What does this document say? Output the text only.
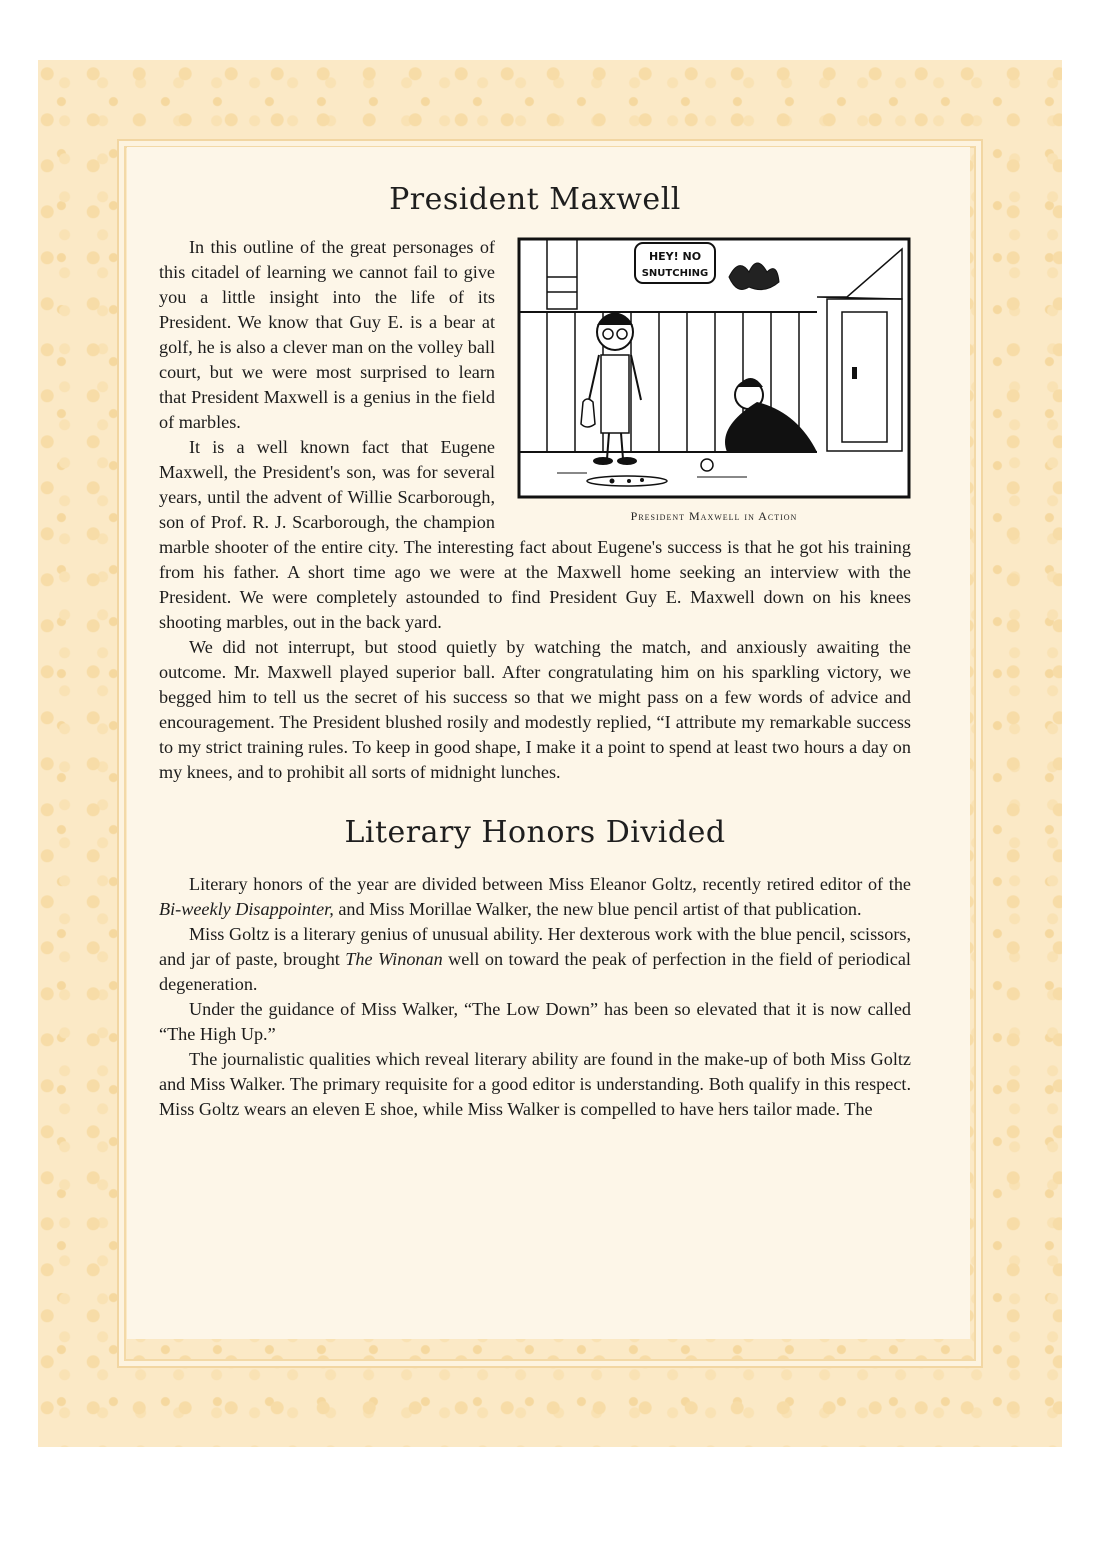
President Maxwell
HEY! NO
SNUTCHING
President Maxwell in Action

In this outline of the great personages of this citadel of learning we cannot fail to give you a little insight into the life of its President. We know that Guy E. is a bear at golf, he is also a clever man on the volley ball court, but we were most surprised to learn that President Maxwell is a genius in the field of marbles.

It is a well known fact that Eugene Maxwell, the President's son, was for several years, until the advent of Willie Scarborough, son of Prof. R. J. Scarborough, the champion marble shooter of the entire city. The interesting fact about Eugene's success is that he got his training from his father. A short time ago we were at the Maxwell home seeking an interview with the President. We were completely astounded to find President Guy E. Maxwell down on his knees shooting marbles, out in the back yard.

We did not interrupt, but stood quietly by watching the match, and anxiously awaiting the outcome. Mr. Maxwell played superior ball. After congratulating him on his sparkling victory, we begged him to tell us the secret of his success so that we might pass on a few words of advice and encouragement. The President blushed rosily and modestly replied, “I attribute my remarkable success to my strict training rules. To keep in good shape, I make it a point to spend at least two hours a day on my knees, and to prohibit all sorts of midnight lunches.

Literary Honors Divided

Literary honors of the year are divided between Miss Eleanor Goltz, recently retired editor of the Bi-weekly Disappointer, and Miss Morillae Walker, the new blue pencil artist of that publication.

Miss Goltz is a literary genius of unusual ability. Her dexterous work with the blue pencil, scissors, and jar of paste, brought The Winonan well on toward the peak of perfection in the field of periodical degeneration.

Under the guidance of Miss Walker, “The Low Down” has been so elevated that it is now called “The High Up.”

The journalistic qualities which reveal literary ability are found in the make-up of both Miss Goltz and Miss Walker. The primary requisite for a good editor is understanding. Both qualify in this respect. Miss Goltz wears an eleven E shoe, while Miss Walker is compelled to have hers tailor made. The
